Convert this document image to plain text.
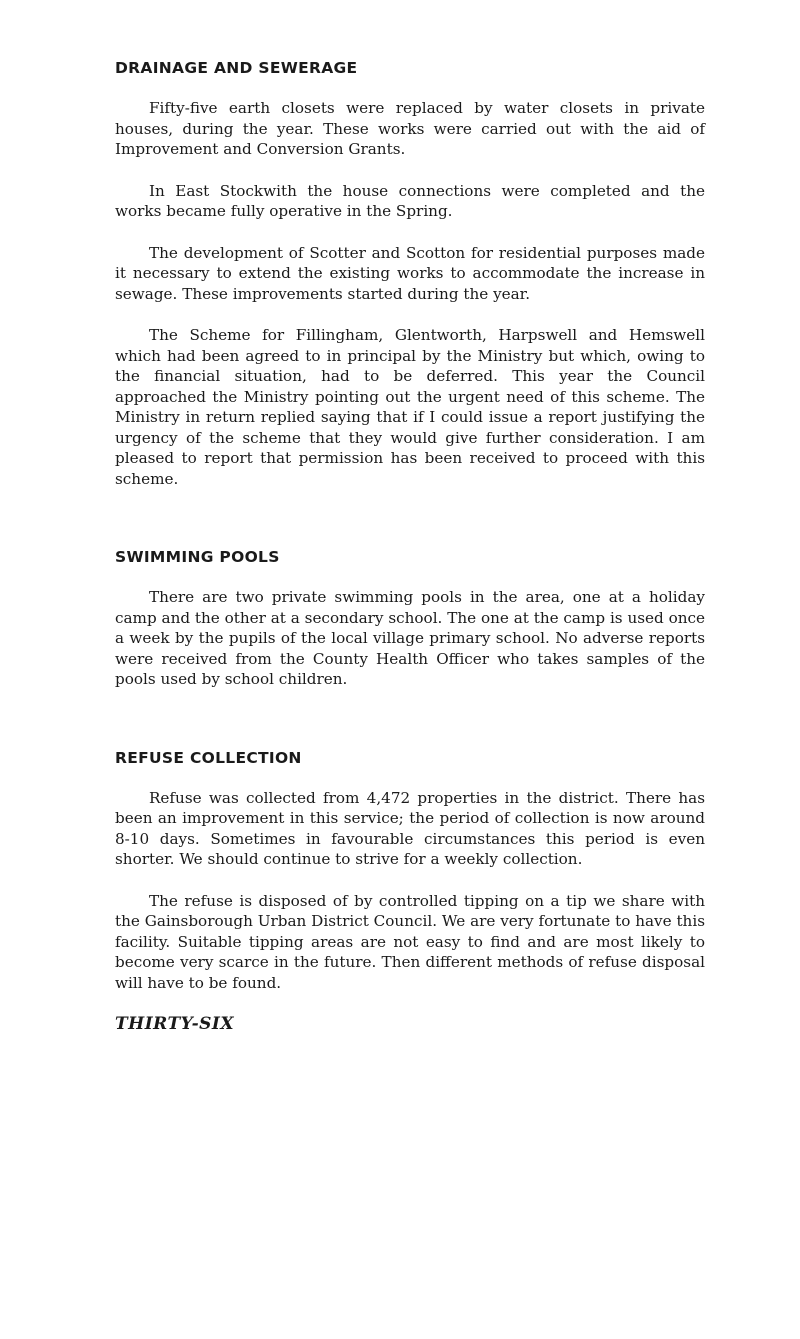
DRAINAGE AND SEWERAGE

Fifty-five earth closets were replaced by water closets in private houses, during the year. These works were carried out with the aid of Improvement and Conversion Grants.

In East Stockwith the house connections were completed and the works became fully operative in the Spring.

The development of Scotter and Scotton for residential purposes made it necessary to extend the existing works to accommodate the increase in sewage. These improvements started during the year.

The Scheme for Fillingham, Glentworth, Harpswell and Hemswell which had been agreed to in principal by the Ministry but which, owing to the financial situation, had to be deferred. This year the Council approached the Ministry pointing out the urgent need of this scheme. The Ministry in return replied saying that if I could issue a report justifying the urgency of the scheme that they would give further consideration. I am pleased to report that permission has been received to proceed with this scheme.

SWIMMING POOLS

There are two private swimming pools in the area, one at a holiday camp and the other at a secondary school. The one at the camp is used once a week by the pupils of the local village primary school. No adverse reports were received from the County Health Officer who takes samples of the pools used by school children.

REFUSE COLLECTION

Refuse was collected from 4,472 properties in the district. There has been an improvement in this service; the period of collection is now around 8-10 days. Sometimes in favourable circumstances this period is even shorter. We should continue to strive for a weekly collection.

The refuse is disposed of by controlled tipping on a tip we share with the Gainsborough Urban District Council. We are very fortunate to have this facility. Suitable tipping areas are not easy to find and are most likely to become very scarce in the future. Then different methods of refuse disposal will have to be found.

THIRTY-SIX
